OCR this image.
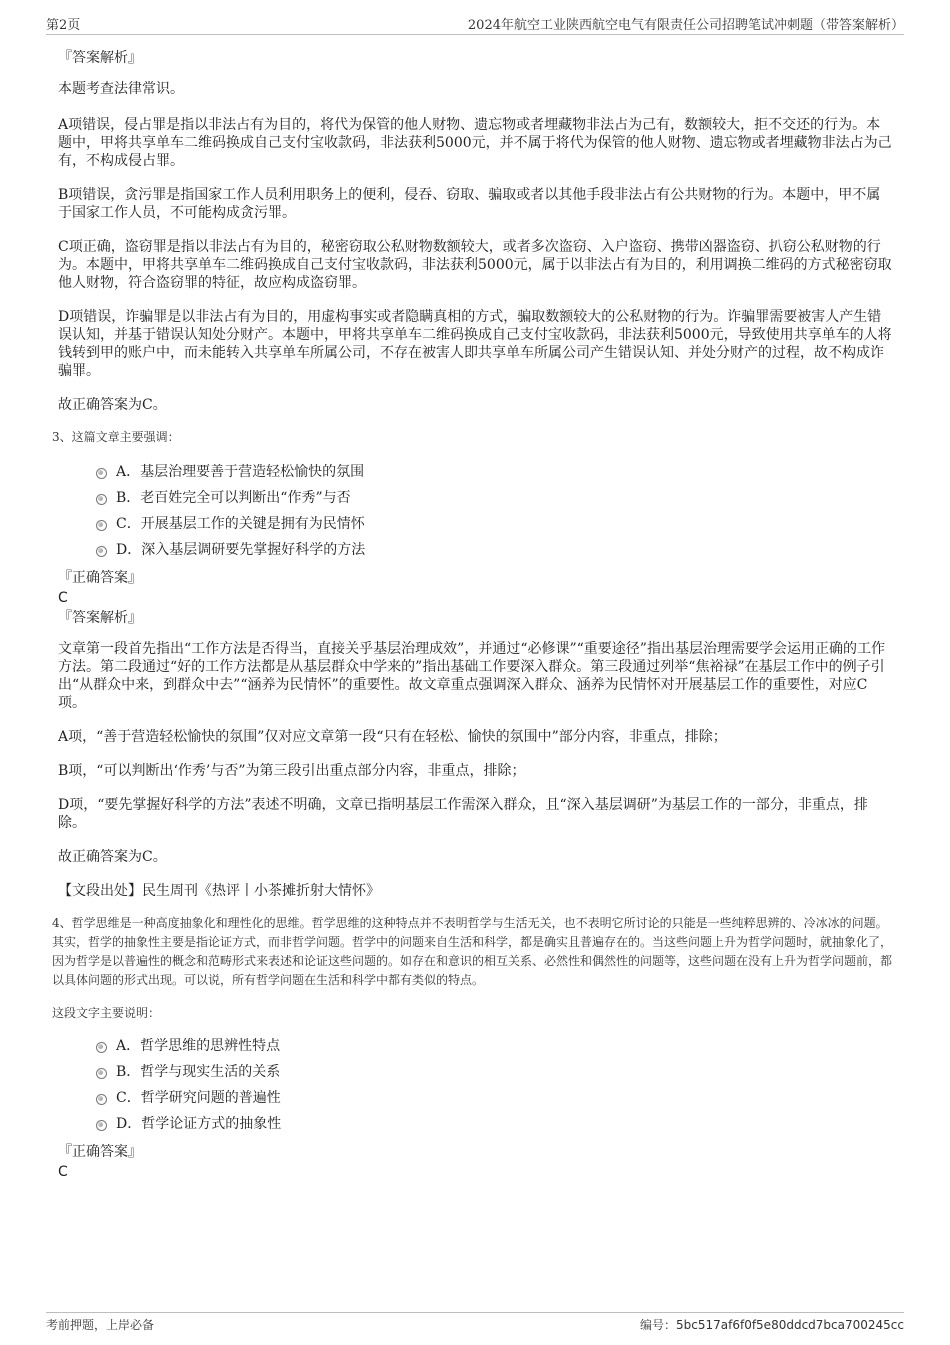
第2页	2024年航空工业陕西航空电气有限责任公司招聘笔试冲刺题（带答案解析）

『答案解析』

本题考查法律常识。

A项错误，侵占罪是指以非法占有为目的，将代为保管的他人财物、遗忘物或者埋藏物非法占为己有，数额较大，拒不交还的行为。本题中，甲将共享单车二维码换成自己支付宝收款码，非法获利5000元，并不属于将代为保管的他人财物、遗忘物或者埋藏物非法占为己有，不构成侵占罪。

B项错误，贪污罪是指国家工作人员利用职务上的便利，侵吞、窃取、骗取或者以其他手段非法占有公共财物的行为。本题中，甲不属于国家工作人员，不可能构成贪污罪。

C项正确，盗窃罪是指以非法占有为目的，秘密窃取公私财物数额较大，或者多次盗窃、入户盗窃、携带凶器盗窃、扒窃公私财物的行为。本题中，甲将共享单车二维码换成自己支付宝收款码，非法获利5000元，属于以非法占有为目的，利用调换二维码的方式秘密窃取他人财物，符合盗窃罪的特征，故应构成盗窃罪。

D项错误，诈骗罪是以非法占有为目的，用虚构事实或者隐瞒真相的方式，骗取数额较大的公私财物的行为。诈骗罪需要被害人产生错误认知，并基于错误认知处分财产。本题中，甲将共享单车二维码换成自己支付宝收款码，非法获利5000元，导致使用共享单车的人将钱转到甲的账户中，而未能转入共享单车所属公司，不存在被害人即共享单车所属公司产生错误认知、并处分财产的过程，故不构成诈骗罪。

故正确答案为C。

3、这篇文章主要强调：

A．基层治理要善于营造轻松愉快的氛围
B．老百姓完全可以判断出“作秀”与否
C．开展基层工作的关键是拥有为民情怀
D．深入基层调研要先掌握好科学的方法

『正确答案』

C

『答案解析』

文章第一段首先指出“工作方法是否得当，直接关乎基层治理成效”，并通过“必修课”“重要途径”指出基层治理需要学会运用正确的工作方法。第二段通过“好的工作方法都是从基层群众中学来的”指出基础工作要深入群众。第三段通过列举“焦裕禄”在基层工作中的例子引出“从群众中来，到群众中去”“涵养为民情怀”的重要性。故文章重点强调深入群众、涵养为民情怀对开展基层工作的重要性，对应C项。

A项，“善于营造轻松愉快的氛围”仅对应文章第一段“只有在轻松、愉快的氛围中”部分内容，非重点，排除；

B项，“可以判断出‘作秀’与否”为第三段引出重点部分内容，非重点，排除；

D项，“要先掌握好科学的方法”表述不明确，文章已指明基层工作需深入群众，且“深入基层调研”为基层工作的一部分，非重点，排除。

故正确答案为C。

【文段出处】民生周刊《热评丨小茶摊折射大情怀》

4、哲学思维是一种高度抽象化和理性化的思维。哲学思维的这种特点并不表明哲学与生活无关，也不表明它所讨论的只能是一些纯粹思辨的、冷冰冰的问题。其实，哲学的抽象性主要是指论证方式，而非哲学问题。哲学中的问题来自生活和科学，都是确实且普遍存在的。当这些问题上升为哲学问题时，就抽象化了，因为哲学是以普遍性的概念和范畴形式来表述和论证这些问题的。如存在和意识的相互关系、必然性和偶然性的问题等，这些问题在没有上升为哲学问题前，都以具体问题的形式出现。可以说，所有哲学问题在生活和科学中都有类似的特点。

这段文字主要说明：

A．哲学思维的思辨性特点
B．哲学与现实生活的关系
C．哲学研究问题的普遍性
D．哲学论证方式的抽象性

『正确答案』

C
考前押题，上岸必备	编号：5bc517af6f0f5e80ddcd7bca700245cc
